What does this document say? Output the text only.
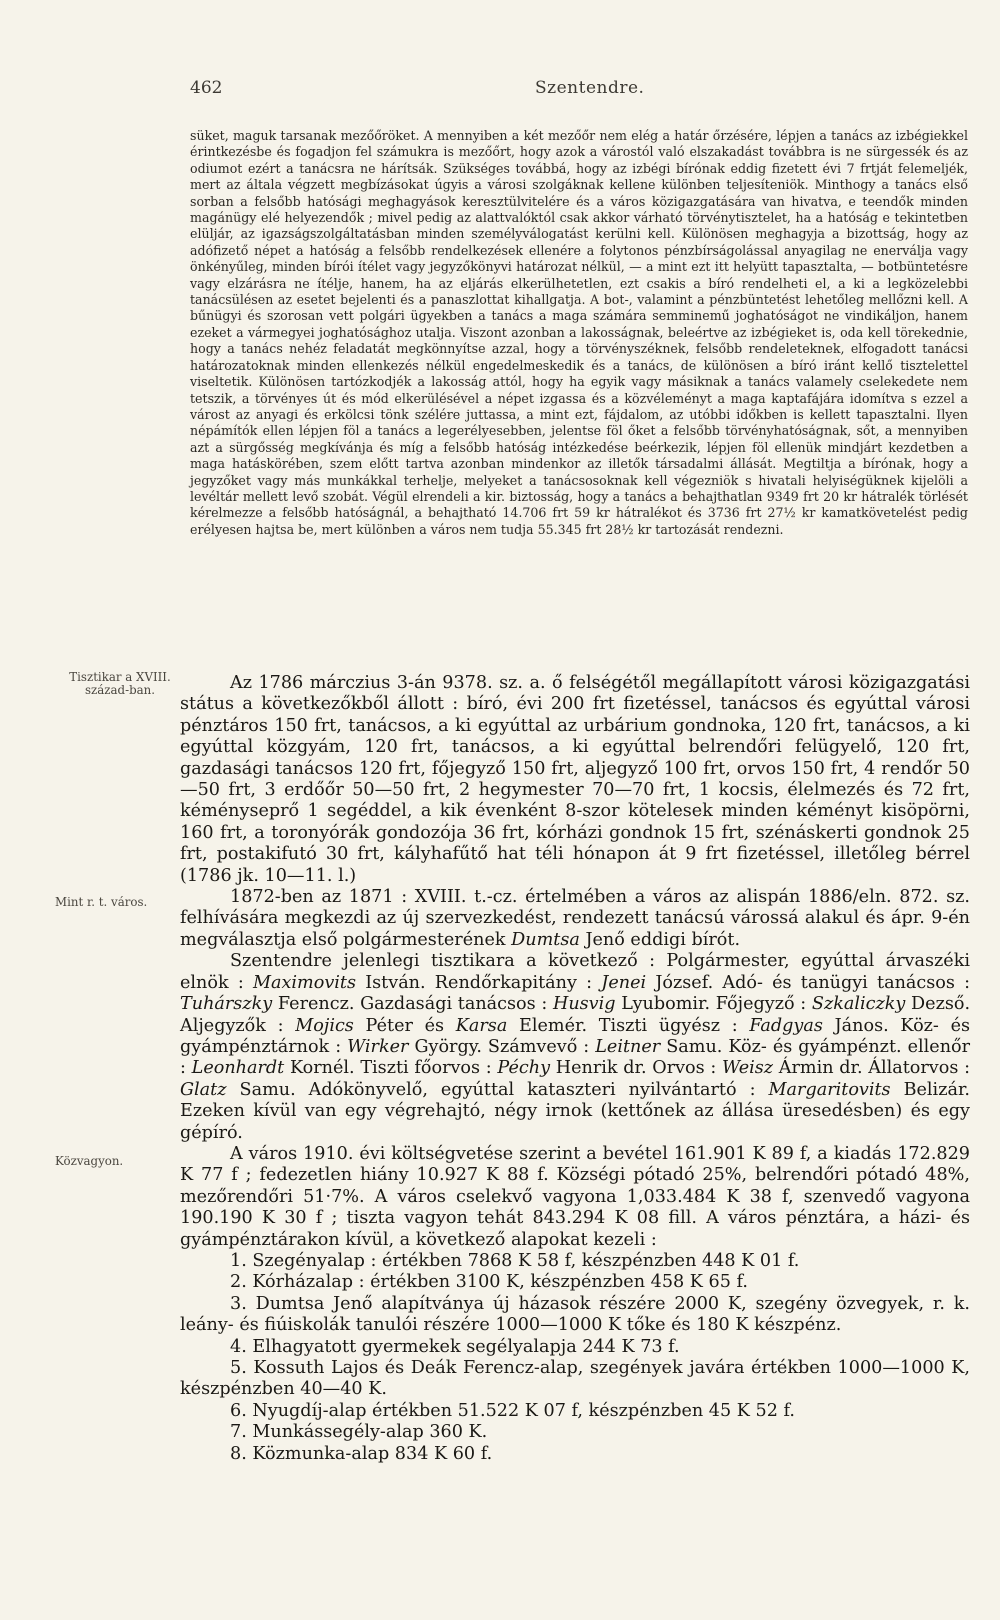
462	Szentendre.

süket, maguk tarsanak mezőőröket. A mennyiben a két mezőőr nem elég a határ őrzésére, lépjen a tanács az izbégiekkel érintkezésbe és fogadjon fel számukra is mezőőrt, hogy azok a várostól való elszakadást továbbra is ne sürgessék és az odiumot ezért a tanácsra ne hárítsák. Szükséges továbbá, hogy az izbégi bírónak eddig fizetett évi 7 frtját felemeljék, mert az általa végzett megbízásokat úgyis a városi szolgáknak kellene különben teljesíteniök. Minthogy a tanács első sorban a felsőbb hatósági meghagyások keresztülvitelére és a város közigazgatására van hivatva, e teendők minden magánügy elé helyezendők ; mivel pedig az alattvalóktól csak akkor várható törvénytisztelet, ha a hatóság e tekintetben elüljár, az igazságszolgáltatásban minden személyválogatást kerülni kell. Különösen meghagyja a bizottság, hogy az adófizető népet a hatóság a felsőbb rendelkezések ellenére a folytonos pénzbírságolással anyagilag ne enerválja vagy önkényűleg, minden bírói ítélet vagy jegyzőkönyvi határozat nélkül, — a mint ezt itt helyütt tapasztalta, — botbüntetésre vagy elzárásra ne ítélje, hanem, ha az eljárás elkerülhetetlen, ezt csakis a bíró rendelheti el, a ki a legközelebbi tanácsülésen az esetet bejelenti és a panaszlottat kihallgatja. A bot-, valamint a pénzbüntetést lehetőleg mellőzni kell. A bűnügyi és szorosan vett polgári ügyekben a tanács a maga számára semminemű joghatóságot ne vindikáljon, hanem ezeket a vármegyei joghatósághoz utalja. Viszont azonban a lakosságnak, beleértve az izbégieket is, oda kell törekednie, hogy a tanács nehéz feladatát megkönnyítse azzal, hogy a törvényszéknek, felsőbb rendeleteknek, elfogadott tanácsi határozatoknak minden ellenkezés nélkül engedelmeskedik és a tanács, de különösen a bíró iránt kellő tisztelettel viseltetik. Különösen tartózkodjék a lakosság attól, hogy ha egyik vagy másiknak a tanács valamely cselekedete nem tetszik, a törvényes út és mód elkerülésével a népet izgassa és a közvéleményt a maga kaptafájára idomítva s ezzel a várost az anyagi és erkölcsi tönk szélére juttassa, a mint ezt, fájdalom, az utóbbi időkben is kellett tapasztalni. Ilyen népámítók ellen lépjen föl a tanács a legerélyesebben, jelentse föl őket a felsőbb törvényhatóságnak, sőt, a mennyiben azt a sürgősség megkívánja és míg a felsőbb hatóság intézkedése beérkezik, lépjen föl ellenük mindjárt kezdetben a maga hatáskörében, szem előtt tartva azonban mindenkor az illetők társadalmi állását. Megtiltja a bírónak, hogy a jegyzőket vagy más munkákkal terhelje, melyeket a tanácsosoknak kell végezniök s hivatali helyiségüknek kijelöli a levéltár mellett levő szobát. Végül elrendeli a kir. biztosság, hogy a tanács a behajthatlan 9349 frt 20 kr hátralék törlését kérelmezze a felsőbb hatóságnál, a behajtható 14.706 frt 59 kr hátralékot és 3736 frt 27½ kr kamatkövetelést pedig erélyesen hajtsa be, mert különben a város nem tudja 55.345 frt 28½ kr tartozását rendezni.

Tisztikar a XVIII. század-ban.
Mint r. t. város.
Közvagyon.

Az 1786 márczius 3-án 9378. sz. a. ő felségétől megállapított városi közigazgatási státus a következőkből állott : bíró, évi 200 frt fizetéssel, tanácsos és egyúttal városi pénztáros 150 frt, tanácsos, a ki egyúttal az urbárium gondnoka, 120 frt, tanácsos, a ki egyúttal közgyám, 120 frt, tanácsos, a ki egyúttal belrendőri felügyelő, 120 frt, gazdasági tanácsos 120 frt, főjegyző 150 frt, aljegyző 100 frt, orvos 150 frt, 4 rendőr 50—50 frt, 3 erdőőr 50—50 frt, 2 hegymester 70—70 frt, 1 kocsis, élelmezés és 72 frt, kéményseprő 1 segéddel, a kik évenként 8-szor kötelesek minden kéményt kisöpörni, 160 frt, a toronyórák gondozója 36 frt, kórházi gondnok 15 frt, szénáskerti gondnok 25 frt, postakifutó 30 frt, kályhafűtő hat téli hónapon át 9 frt fizetéssel, illetőleg bérrel (1786 jk. 10—11. l.)

1872-ben az 1871 : XVIII. t.-cz. értelmében a város az alispán 1886/eln. 872. sz. felhívására megkezdi az új szervezkedést, rendezett tanácsú várossá alakul és ápr. 9-én megválasztja első polgármesterének Dumtsa Jenő eddigi bírót.

Szentendre jelenlegi tisztikara a következő : Polgármester, egyúttal árvaszéki elnök : Maximovits István. Rendőrkapitány : Jenei József. Adó- és tanügyi tanácsos : Tuhárszky Ferencz. Gazdasági tanácsos : Husvig Lyubomir. Főjegyző : Szkaliczky Dezső. Aljegyzők : Mojics Péter és Karsa Elemér. Tiszti ügyész : Fadgyas János. Köz- és gyámpénztárnok : Wirker György. Számvevő : Leitner Samu. Köz- és gyámpénzt. ellenőr : Leonhardt Kornél. Tiszti főorvos : Péchy Henrik dr. Orvos : Weisz Ármin dr. Állatorvos : Glatz Samu. Adókönyvelő, egyúttal kataszteri nyilvántartó : Margaritovits Belizár. Ezeken kívül van egy végrehajtó, négy irnok (kettőnek az állása üresedésben) és egy gépíró.

A város 1910. évi költségvetése szerint a bevétel 161.901 K 89 f, a kiadás 172.829 K 77 f ; fedezetlen hiány 10.927 K 88 f. Községi pótadó 25%, belrendőri pótadó 48%, mezőrendőri 51·7%. A város cselekvő vagyona 1,033.484 K 38 f, szenvedő vagyona 190.190 K 30 f ; tiszta vagyon tehát 843.294 K 08 fill. A város pénztára, a házi- és gyámpénztárakon kívül, a következő alapokat kezeli :

1. Szegényalap : értékben 7868 K 58 f, készpénzben 448 K 01 f.
2. Kórházalap : értékben 3100 K, készpénzben 458 K 65 f.
3. Dumtsa Jenő alapítványa új házasok részére 2000 K, szegény özvegyek, r. k. leány- és fiúiskolák tanulói részére 1000—1000 K tőke és 180 K készpénz.
4. Elhagyatott gyermekek segélyalapja 244 K 73 f.
5. Kossuth Lajos és Deák Ferencz-alap, szegények javára értékben 1000—1000 K, készpénzben 40—40 K.
6. Nyugdíj-alap értékben 51.522 K 07 f, készpénzben 45 K 52 f.
7. Munkássegély-alap 360 K.
8. Közmunka-alap 834 K 60 f.
